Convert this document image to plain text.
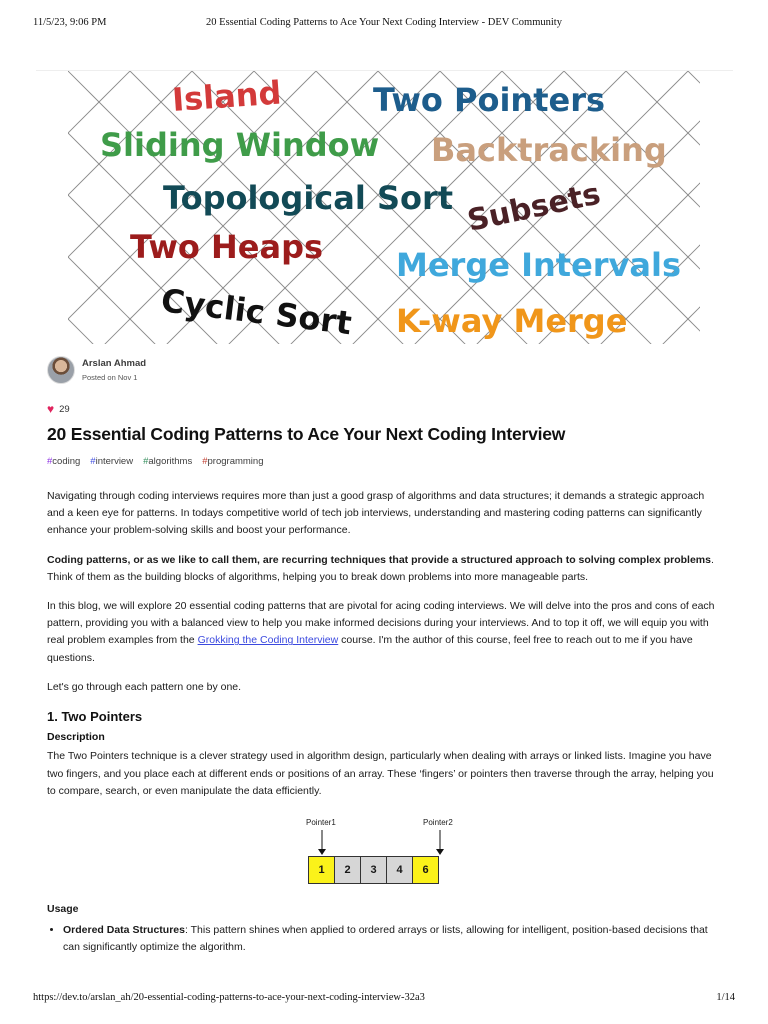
11/5/23, 9:06 PM	20 Essential Coding Patterns to Ace Your Next Coding Interview - DEV Community
Island	Two Pointers
Sliding Window Backtracking
Topological Sort Subsets
Two Heaps Merge Intervals
Cyclic Sort K-way Merge
Arslan Ahmad
Posted on Nov 1
♥ 29
20 Essential Coding Patterns to Ace Your Next Coding Interview
#coding #interview #algorithms #programming

Navigating through coding interviews requires more than just a good grasp of algorithms and data structures; it demands a strategic approach and a keen eye for patterns. In todays competitive world of tech job interviews, understanding and mastering coding patterns can significantly enhance your problem-solving skills and boost your performance.

Coding patterns, or as we like to call them, are recurring techniques that provide a structured approach to solving complex problems. Think of them as the building blocks of algorithms, helping you to break down problems into more manageable parts.

In this blog, we will explore 20 essential coding patterns that are pivotal for acing coding interviews. We will delve into the pros and cons of each pattern, providing you with a balanced view to help you make informed decisions during your interviews. And to top it off, we will equip you with real problem examples from the Grokking the Coding Interview course. I'm the author of this course, feel free to reach out to me if you have questions.

Let's go through each pattern one by one.

1. Two Pointers
Description

The Two Pointers technique is a clever strategy used in algorithm design, particularly when dealing with arrays or linked lists. Imagine you have two fingers, and you place each at different ends or positions of an array. These ‘fingers’ or pointers then traverse through the array, helping you to compare, search, or even manipulate the data efficiently.

Pointer1	Pointer2
1	2	3	4	6
Usage
• Ordered Data Structures: This pattern shines when applied to ordered arrays or lists, allowing for intelligent, position-based decisions that can significantly optimize the algorithm.
https://dev.to/arslan_ah/20-essential-coding-patterns-to-ace-your-next-coding-interview-32a3	1/14
